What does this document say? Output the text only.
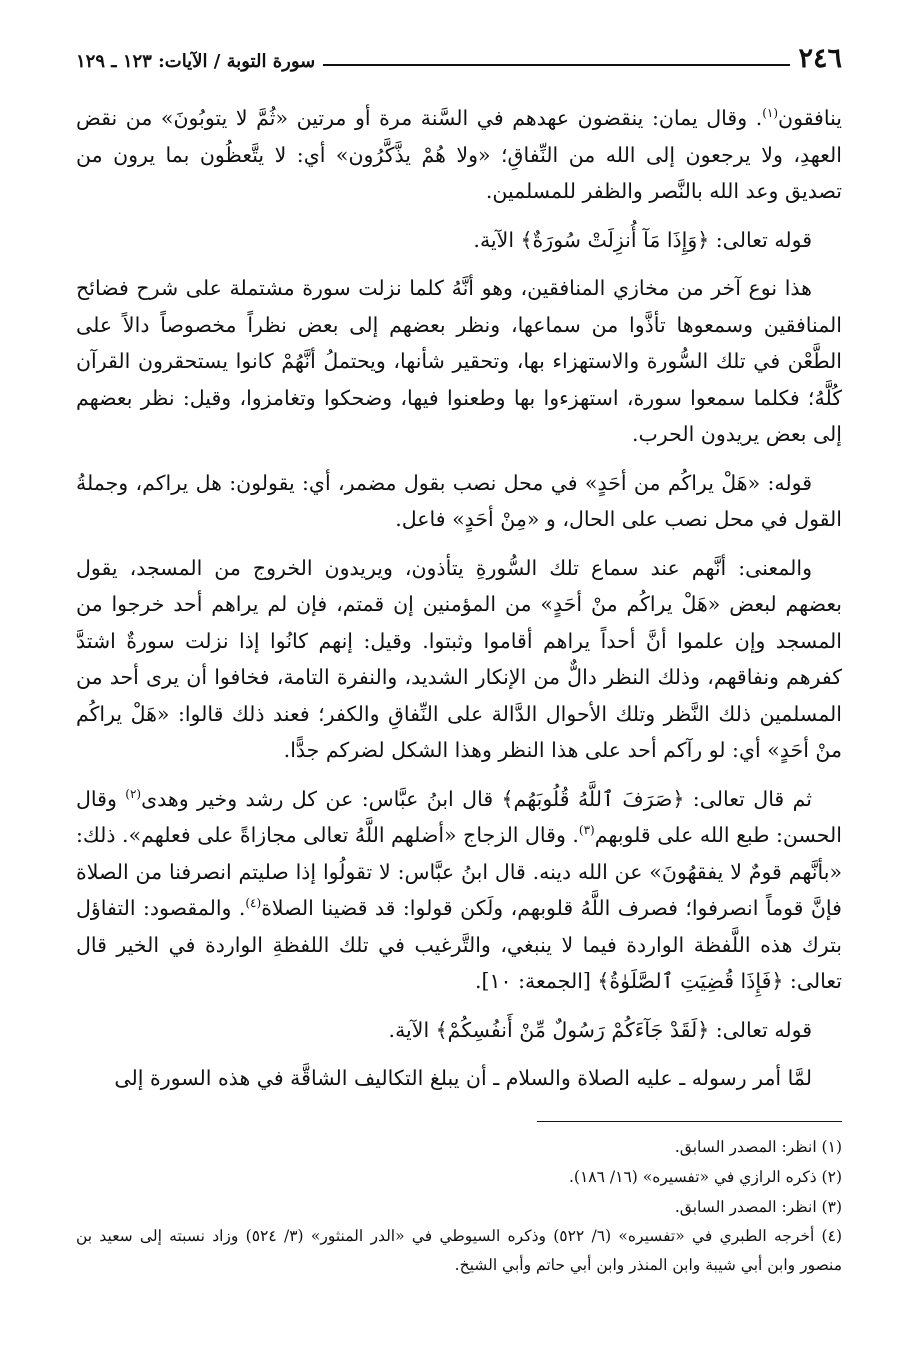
٢٤٦
سورة التوبة / الآيات: ١٢٣ ـ ١٢٩

ينافقون$^{(١)}$. وقال يمان: ينقضون عهدهم في السَّنة مرة أو مرتين «ثُمَّ لا يتوبُونَ» من نقض العهدِ، ولا يرجعون إلى الله من النِّفاقِ؛ «ولا هُمْ يذَّكَّرُون» أي: لا يتَّعظُون بما يرون من تصديق وعد الله بالنَّصر والظفر للمسلمين.

قوله تعالى: ﴿وَإِذَا مَآ أُنزِلَتْ سُورَةٌ﴾ الآية.

هذا نوع آخر من مخازي المنافقين، وهو أنَّهُ كلما نزلت سورة مشتملة على شرح فضائح المنافقين وسمعوها تأذَّوا من سماعها، ونظر بعضهم إلى بعض نظراً مخصوصاً دالاً على الطَّعْن في تلك السُّورة والاستهزاء بها، وتحقير شأنها، ويحتملُ أنَّهُمْ كانوا يستحقرون القرآن كُلَّهُ؛ فكلما سمعوا سورة، استهزءوا بها وطعنوا فيها، وضحكوا وتغامزوا، وقيل: نظر بعضهم إلى بعض يريدون الحرب.

قوله: «هَلْ يراكُم من أحَدٍ» في محل نصب بقول مضمر، أي: يقولون: هل يراكم، وجملةُ القول في محل نصب على الحال، و «مِنْ أحَدٍ» فاعل.

والمعنى: أنَّهم عند سماع تلك السُّورةِ يتأذون، ويريدون الخروج من المسجد، يقول بعضهم لبعض «هَلْ يراكُم منْ أحَدٍ» من المؤمنين إن قمتم، فإن لم يراهم أحد خرجوا من المسجد وإن علموا أنَّ أحداً يراهم أقاموا وثبتوا. وقيل: إنهم كانُوا إذا نزلت سورةٌ اشتدَّ كفرهم ونفاقهم، وذلك النظر دالٌّ من الإنكار الشديد، والنفرة التامة، فخافوا أن يرى أحد من المسلمين ذلك النَّظر وتلك الأحوال الدَّالة على النِّفاقِ والكفر؛ فعند ذلك قالوا: «هَلْ يراكُم منْ أحَدٍ» أي: لو رآكم أحد على هذا النظر وهذا الشكل لضركم جدًّا.

ثم قال تعالى: ﴿صَرَفَ ٱللَّهُ قُلُوبَهُم﴾ قال ابنُ عبَّاس: عن كل رشد وخير وهدى$^{(٢)}$ وقال الحسن: طبع الله على قلوبهم$^{(٣)}$. وقال الزجاج «أضلهم اللَّهُ تعالى مجازاةً على فعلهم». ذلك: «بأنَّهم قومٌ لا يفقهُونَ» عن الله دينه. قال ابنُ عبَّاس: لا تقولُوا إذا صليتم انصرفنا من الصلاة فإنَّ قوماً انصرفوا؛ فصرف اللَّهُ قلوبهم، ولَكن قولوا: قد قضينا الصلاة$^{(٤)}$. والمقصود: التفاؤل بترك هذه اللَّفظة الواردة فيما لا ينبغي، والتَّرغيب في تلك اللفظةِ الواردة في الخير قال تعالى: ﴿فَإِذَا قُضِيَتِ ٱلصَّلَوٰةُ﴾ [الجمعة: ١٠].

قوله تعالى: ﴿لَقَدْ جَآءَكُمْ رَسُولٌ مِّنْ أَنفُسِكُمْ﴾ الآية.

لمَّا أمر رسوله ـ عليه الصلاة والسلام ـ أن يبلغ التكاليف الشاقَّة في هذه السورة إلى

(١) انظر: المصدر السابق.

(٢) ذكره الرازي في «تفسيره» (١٦/ ١٨٦).

(٣) انظر: المصدر السابق.

(٤) أخرجه الطبري في «تفسيره» (٦/ ٥٢٢) وذكره السيوطي في «الدر المنثور» (٣/ ٥٢٤) وزاد نسبته إلى سعيد بن منصور وابن أبي شيبة وابن المنذر وابن أبي حاتم وأبي الشيخ.
